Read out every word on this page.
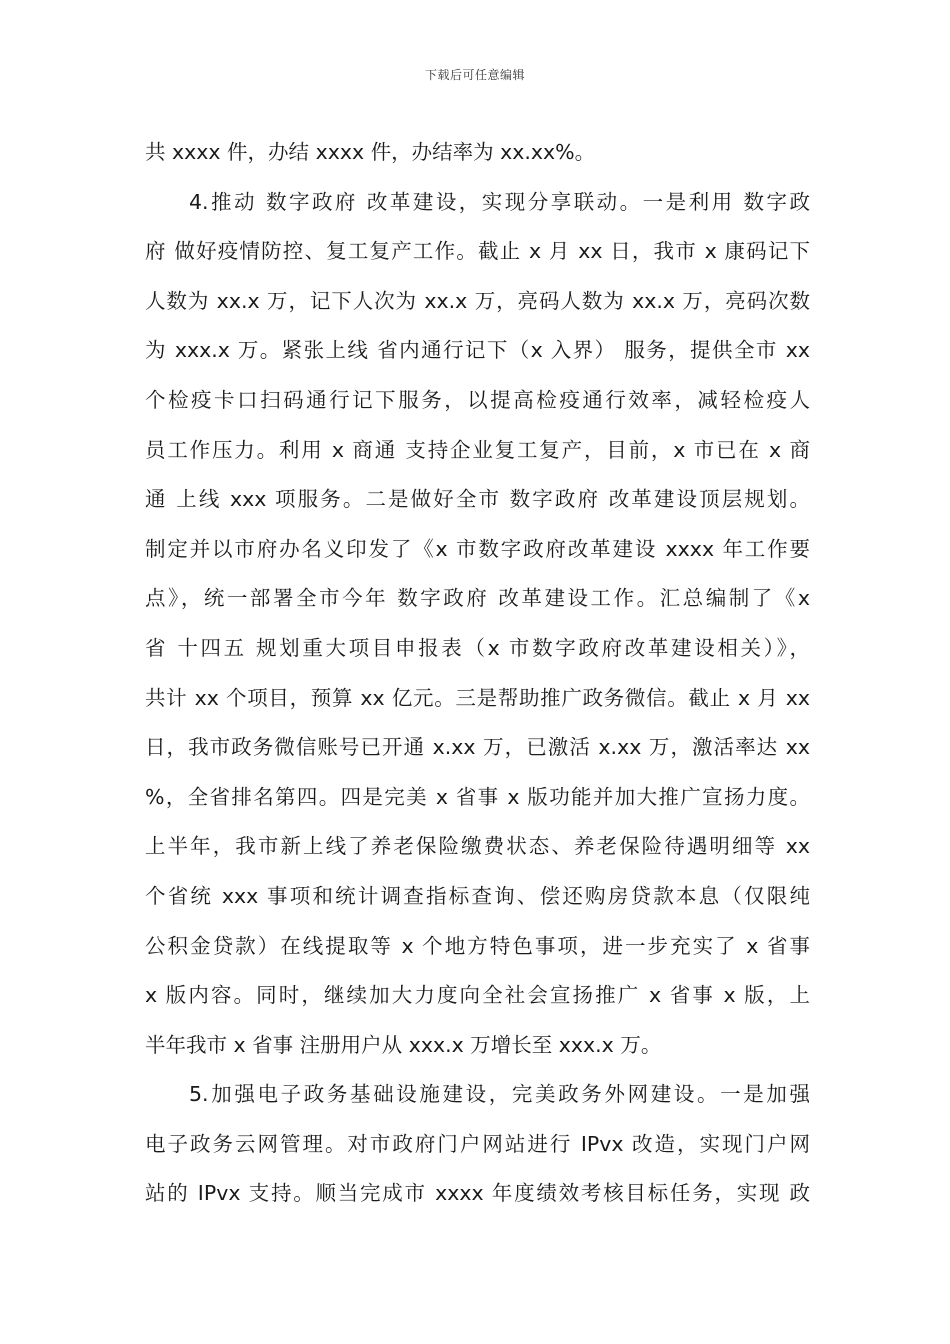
下载后可任意编辑
共 xxxx 件，办结 xxxx 件，办结率为 xx.xx%。
4.推动 数字政府 改革建设，实现分享联动。一是利用 数字政
府 做好疫情防控、复工复产工作。截止 x 月 xx 日，我市 x 康码记下
人数为 xx.x 万，记下人次为 xx.x 万，亮码人数为 xx.x 万，亮码次数
为 xxx.x 万。紧张上线 省内通行记下（x 入界） 服务，提供全市 xx
个检疫卡口扫码通行记下服务，以提高检疫通行效率，减轻检疫人
员工作压力。利用 x 商通 支持企业复工复产，目前，x 市已在 x 商
通 上线 xxx 项服务。二是做好全市 数字政府 改革建设顶层规划。
制定并以市府办名义印发了《x 市数字政府改革建设 xxxx 年工作要
点》，统一部署全市今年 数字政府 改革建设工作。汇总编制了《x
省 十四五 规划重大项目申报表（x 市数字政府改革建设相关）》，
共计 xx 个项目，预算 xx 亿元。三是帮助推广政务微信。截止 x 月 xx
日，我市政务微信账号已开通 x.xx 万，已激活 x.xx 万，激活率达 xx
%，全省排名第四。四是完美 x 省事 x 版功能并加大推广宣扬力度。
上半年，我市新上线了养老保险缴费状态、养老保险待遇明细等 xx
个省统 xxx 事项和统计调查指标查询、偿还购房贷款本息（仅限纯
公积金贷款）在线提取等 x 个地方特色事项，进一步充实了 x 省事
x 版内容。同时，继续加大力度向全社会宣扬推广 x 省事 x 版，上
半年我市 x 省事 注册用户从 xxx.x 万增长至 xxx.x 万。
5.加强电子政务基础设施建设，完美政务外网建设。一是加强
电子政务云网管理。对市政府门户网站进行 IPvx 改造，实现门户网
站的 IPvx 支持。顺当完成市 xxxx 年度绩效考核目标任务，实现 政
